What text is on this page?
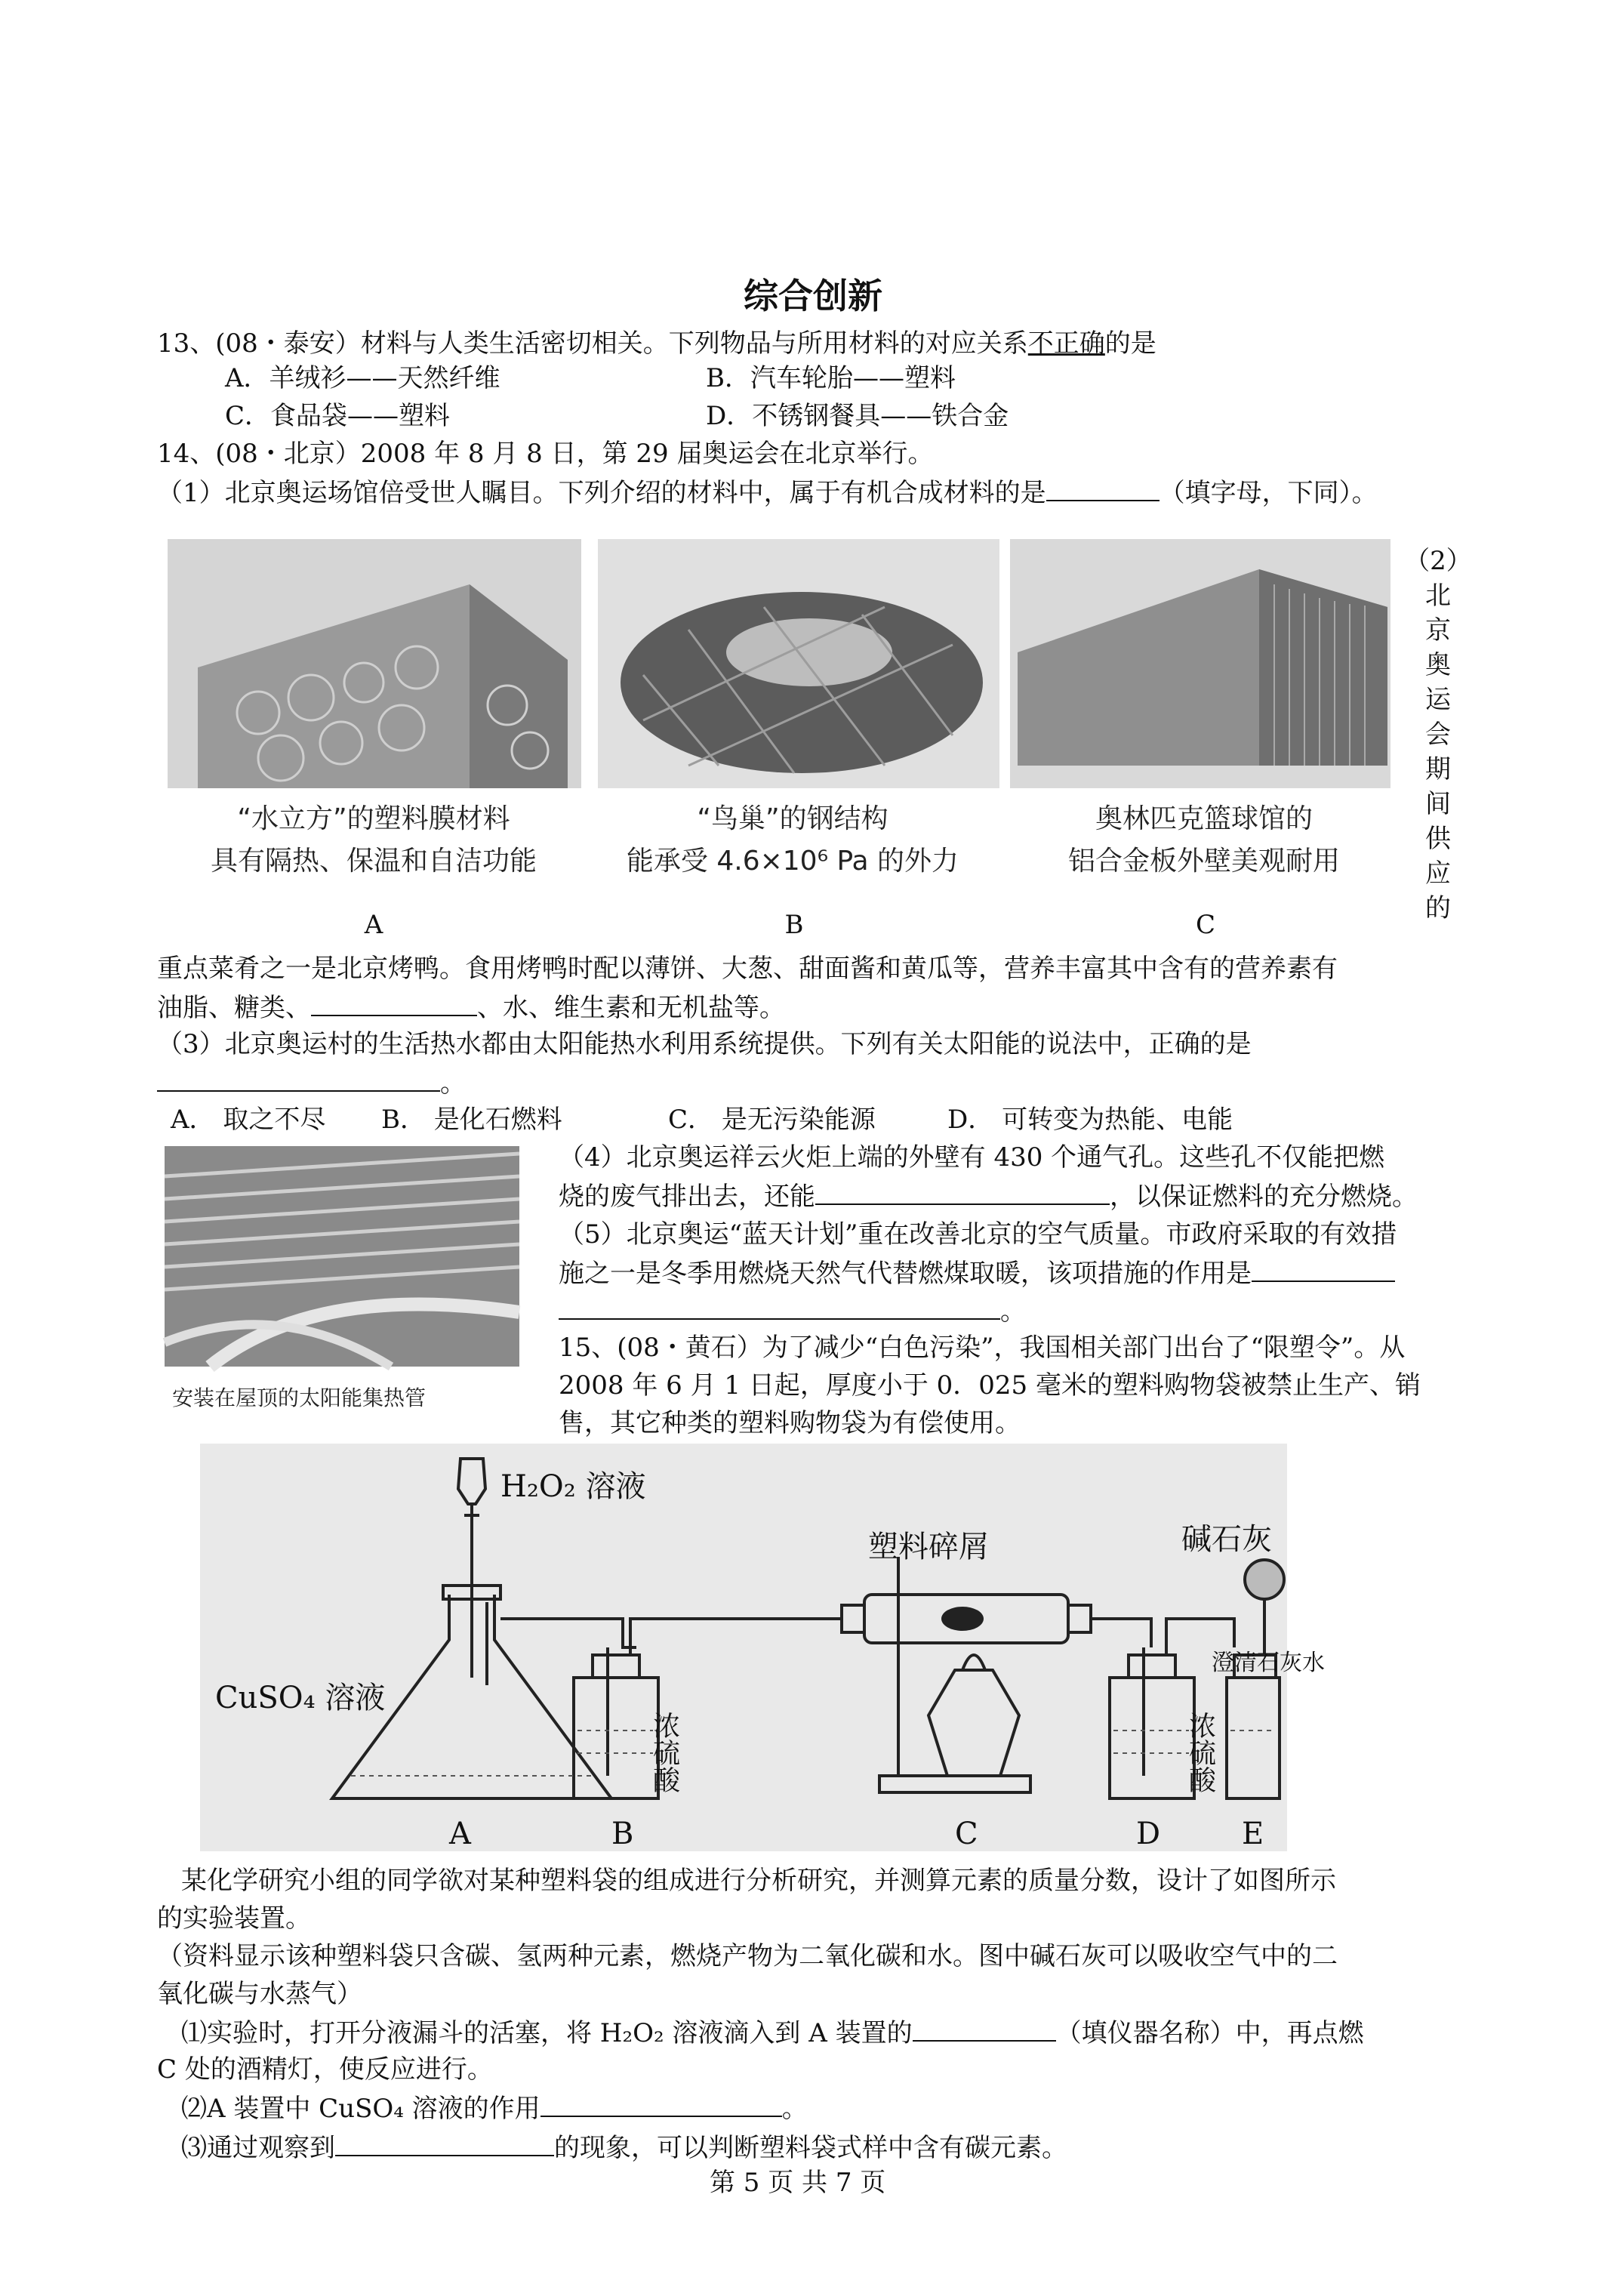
综合创新
13、(08・泰安）材料与人类生活密切相关。下列物品与所用材料的对应关系不正确的是
A．羊绒衫——天然纤维	B．汽车轮胎——塑料
C．食品袋——塑料	D．不锈钢餐具——铁合金
14、(08・北京）2008 年 8 月 8 日，第 29 届奥运会在北京举行。
（1）北京奥运场馆倍受世人瞩目。下列介绍的材料中，属于有机合成材料的是	（填字母，下同）。
“水立方”的塑料膜材料
具有隔热、保温和自洁功能
A
“鸟巢”的钢结构
能承受 4.6×10⁶ Pa 的外力
B
奥林匹克篮球馆的
铝合金板外壁美观耐用
C
（2）
北
京
奥
运
会
期
间
供
应
的
重点菜肴之一是北京烤鸭。食用烤鸭时配以薄饼、大葱、甜面酱和黄瓜等，营养丰富其中含有的营养素有
油脂、糖类、	、水、维生素和无机盐等。
（3）北京奥运村的生活热水都由太阳能热水利用系统提供。下列有关太阳能的说法中，正确的是
。
A． 取之不尽 B． 是化石燃料	C． 是无污染能源	D． 可转变为热能、电能
安装在屋顶的太阳能集热管
（4）北京奥运祥云火炬上端的外壁有 430 个通气孔。这些孔不仅能把燃
烧的废气排出去，还能	，以保证燃料的充分燃烧。
（5）北京奥运“蓝天计划”重在改善北京的空气质量。市政府采取的有效措
施之一是冬季用燃烧天然气代替燃煤取暖，该项措施的作用是
。
15、(08・黄石）为了减少“白色污染”，我国相关部门出台了“限塑令”。从
2008 年 6 月 1 日起，厚度小于 0．025 毫米的塑料购物袋被禁止生产、销
售，其它种类的塑料购物袋为有偿使用。
H₂O₂ 溶液
塑料碎屑	碱石灰
CuSO₄ 溶液
A	B	C	D	E
浓硫酸	浓硫酸
澄清石灰水
某化学研究小组的同学欲对某种塑料袋的组成进行分析研究，并测算元素的质量分数，设计了如图所示
的实验装置。
（资料显示该种塑料袋只含碳、氢两种元素，燃烧产物为二氧化碳和水。图中碱石灰可以吸收空气中的二
氧化碳与水蒸气）
⑴实验时，打开分液漏斗的活塞，将 H₂O₂ 溶液滴入到 A 装置的	（填仪器名称）中，再点燃
C 处的酒精灯，使反应进行。
⑵A 装置中 CuSO₄ 溶液的作用	。
⑶通过观察到	的现象，可以判断塑料袋式样中含有碳元素。
第 5 页 共 7 页
